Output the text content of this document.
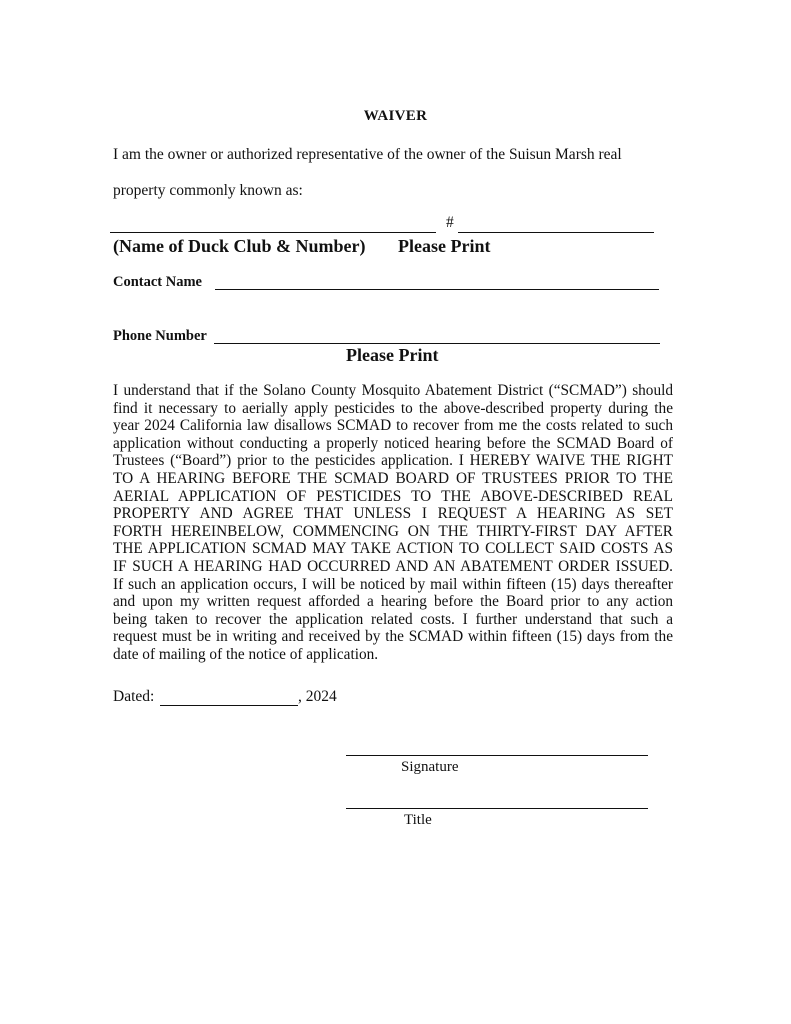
WAIVER
I am the owner or authorized representative of the owner of the Suisun Marsh real
property commonly known as:
#
(Name of Duck Club & Number) Please Print
Contact Name
Phone Number
Please Print
I understand that if the Solano County Mosquito Abatement District (“SCMAD”) should
find it necessary to aerially apply pesticides to the above-described property during the
year 2024 California law disallows SCMAD to recover from me the costs related to such
application without conducting a properly noticed hearing before the SCMAD Board of
Trustees (“Board”) prior to the pesticides application. I HEREBY WAIVE THE RIGHT
TO A HEARING BEFORE THE SCMAD BOARD OF TRUSTEES PRIOR TO THE
AERIAL APPLICATION OF PESTICIDES TO THE ABOVE-DESCRIBED REAL
PROPERTY AND AGREE THAT UNLESS I REQUEST A HEARING AS SET
FORTH HEREINBELOW, COMMENCING ON THE THIRTY-FIRST DAY AFTER
THE APPLICATION SCMAD MAY TAKE ACTION TO COLLECT SAID COSTS AS
IF SUCH A HEARING HAD OCCURRED AND AN ABATEMENT ORDER ISSUED.
If such an application occurs, I will be noticed by mail within fifteen (15) days thereafter
and upon my written request afforded a hearing before the Board prior to any action
being taken to recover the application related costs. I further understand that such a
request must be in writing and received by the SCMAD within fifteen (15) days from the
date of mailing of the notice of application.
Dated:	, 2024
Signature
Title
